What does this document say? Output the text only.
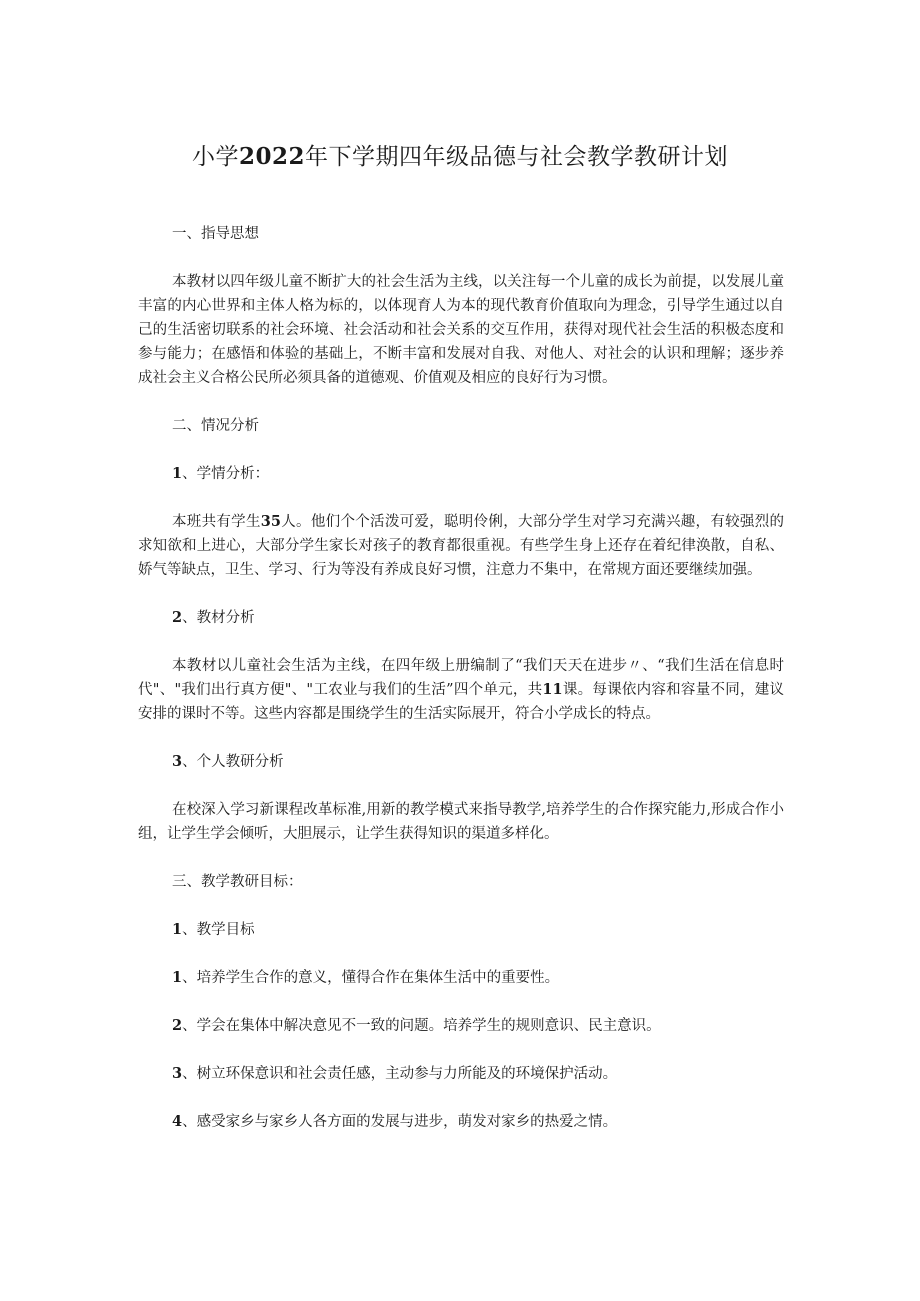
小学2022年下学期四年级品德与社会教学教研计划

一、指导思想

本教材以四年级儿童不断扩大的社会生活为主线，以关注每一个儿童的成长为前提，以发展儿童丰富的内心世界和主体人格为标的，以体现育人为本的现代教育价值取向为理念，引导学生通过以自己的生活密切联系的社会环境、社会活动和社会关系的交互作用，获得对现代社会生活的积极态度和参与能力；在感悟和体验的基础上，不断丰富和发展对自我、对他人、对社会的认识和理解；逐步养成社会主义合格公民所必须具备的道德观、价值观及相应的良好行为习惯。

二、情况分析

1、学情分析：

本班共有学生35人。他们个个活泼可爱，聪明伶俐，大部分学生对学习充满兴趣，有较强烈的求知欲和上进心，大部分学生家长对孩子的教育都很重视。有些学生身上还存在着纪律涣散，自私、娇气等缺点，卫生、学习、行为等没有养成良好习惯，注意力不集中，在常规方面还要继续加强。

2、教材分析

本教材以儿童社会生活为主线，在四年级上册编制了“我们天天在进步〃、“我们生活在信息时代"、"我们出行真方便"、"工农业与我们的生活”四个单元，共11课。每课依内容和容量不同，建议安排的课时不等。这些内容都是围绕学生的生活实际展开，符合小学成长的特点。

3、个人教研分析

在校深入学习新课程改革标准,用新的教学模式来指导教学,培养学生的合作探究能力,形成合作小组，让学生学会倾听，大胆展示，让学生获得知识的渠道多样化。

三、教学教研目标：

1、教学目标

1、培养学生合作的意义，懂得合作在集体生活中的重要性。

2、学会在集体中解决意见不一致的问题。培养学生的规则意识、民主意识。

3、树立环保意识和社会责任感，主动参与力所能及的环境保护活动。

4、感受家乡与家乡人各方面的发展与进步，萌发对家乡的热爱之情。
